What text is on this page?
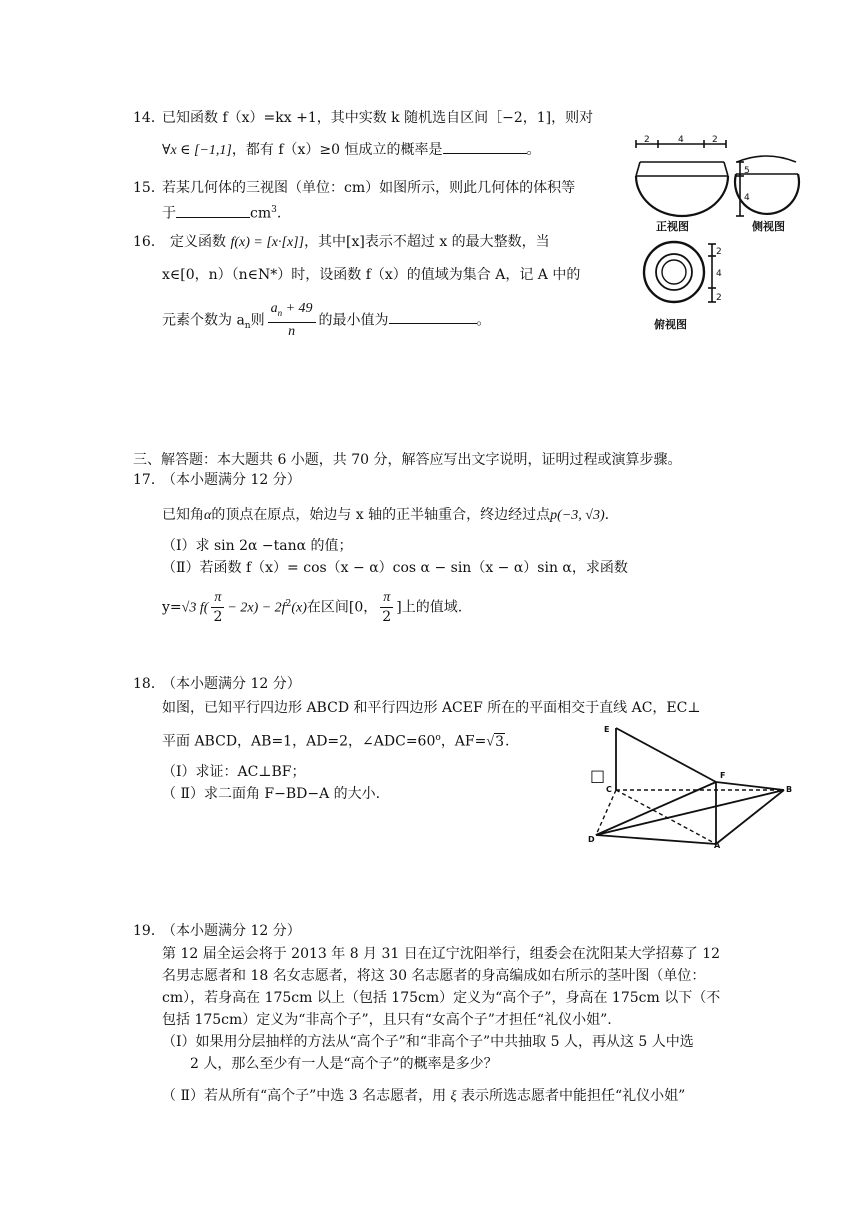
14．
已知函数 f（x）=kx +1，其中实数 k 随机选自区间［−2，1]，则对
∀x ∈ [−1,1]，都有 f（x）≥0 恒成立的概率是	。
15．
若某几何体的三视图（单位：cm）如图所示，则此几何体的体积等
于	$cm^3$.
16． 定义函数 f(x) = [x·[x]]，其中[x]表示不超过 x 的最大整数，当
x∈[0，n）（n∈N*）时，设函数 f（x）的值域为集合 A，记 A 中的
元素个数为 $a_n$则 $\frac{a_n + 49}{n}$ 的最小值为	。
2	4	2
5
4
2
4
2
正视图	侧视图
俯视图
三、解答题：本大题共 6 小题，共 70 分，解答应写出文字说明，证明过程或演算步骤。
17．
（本小题满分 12 分）
已知角α的顶点在原点，始边与 x 轴的正半轴重合，终边经过点p(−3, √3).
（Ⅰ）求 sin 2α −tanα 的值；
（Ⅱ）若函数 f（x）= cos（x − α）cos α − sin（x − α）sin α，求函数
y=√3 $f( \frac{\pi}{2} - 2x) - 2f^2(x)$在区间[0， $\frac{\pi}{2}$ ]上的值域.
18．
（本小题满分 12 分）
如图，已知平行四边形 ABCD 和平行四边形 ACEF 所在的平面相交于直线 AC，EC⊥
平面 ABCD，AB=1，AD=2，$\angle ADC=60^o$，AF=√3.
（Ⅰ）求证：AC⊥BF；
（ Ⅱ）求二面角 F−BD−A 的大小.
□
E
F
C	B
D
A
19．
（本小题满分 12 分）
第 12 届全运会将于 2013 年 8 月 31 日在辽宁沈阳举行，组委会在沈阳某大学招募了 12
名男志愿者和 18 名女志愿者，将这 30 名志愿者的身高编成如右所示的茎叶图（单位：
cm），若身高在 175cm 以上（包括 175cm）定义为“高个子”，身高在 175cm 以下（不
包括 175cm）定义为“非高个子”，且只有“女高个子”才担任“礼仪小姐”.
（Ⅰ）如果用分层抽样的方法从“高个子”和“非高个子”中共抽取 5 人，再从这 5 人中选
2 人，那么至少有一人是“高个子”的概率是多少？
（ Ⅱ）若从所有“高个子”中选 3 名志愿者，用 ξ 表示所选志愿者中能担任“礼仪小姐”
